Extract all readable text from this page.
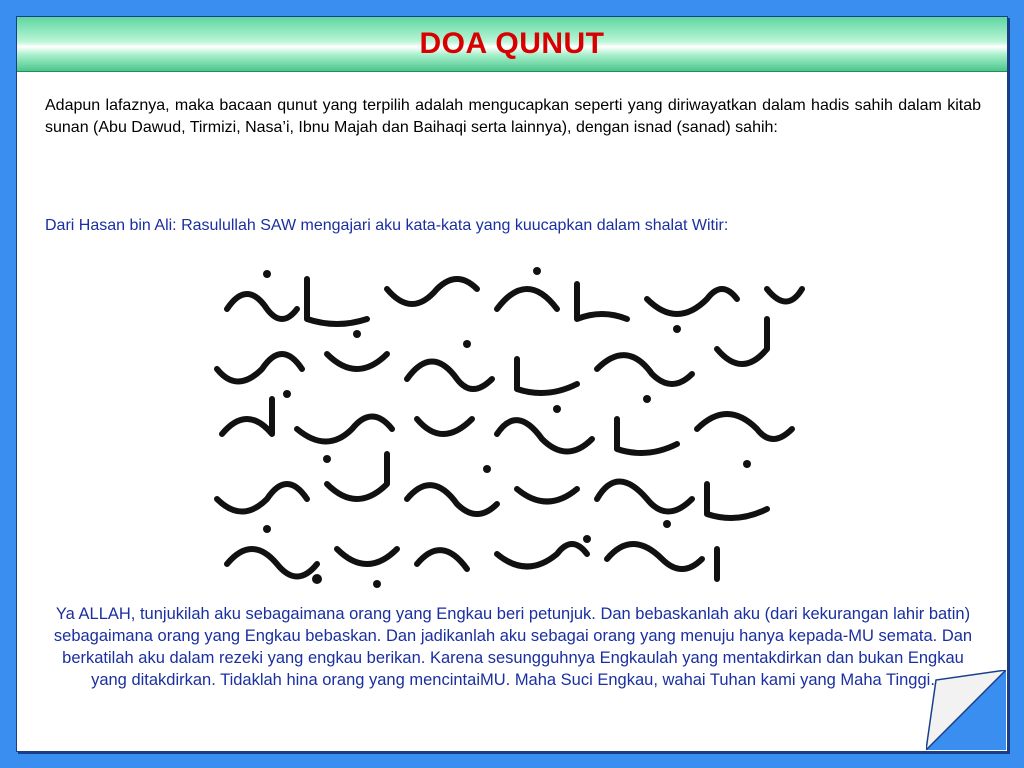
DOA QUNUT

Adapun lafaznya, maka bacaan qunut yang terpilih adalah mengucapkan seperti yang diriwayatkan dalam hadis sahih dalam kitab sunan (Abu Dawud, Tirmizi, Nasa’i, Ibnu Majah dan Baihaqi serta lainnya), dengan isnad (sanad) sahih:

Dari Hasan bin Ali: Rasulullah SAW mengajari aku kata-kata yang kuucapkan dalam shalat Witir:

Ya ALLAH, tunjukilah aku sebagaimana orang yang Engkau beri petunjuk. Dan bebaskanlah aku (dari kekurangan lahir batin) sebagaimana orang yang Engkau bebaskan. Dan jadikanlah aku sebagai orang yang menuju hanya kepada-MU semata. Dan berkatilah aku dalam rezeki yang engkau berikan. Karena sesungguhnya Engkaulah yang mentakdirkan dan bukan Engkau yang ditakdirkan. Tidaklah hina orang yang mencintaiMU. Maha Suci Engkau, wahai Tuhan kami yang Maha Tinggi.
